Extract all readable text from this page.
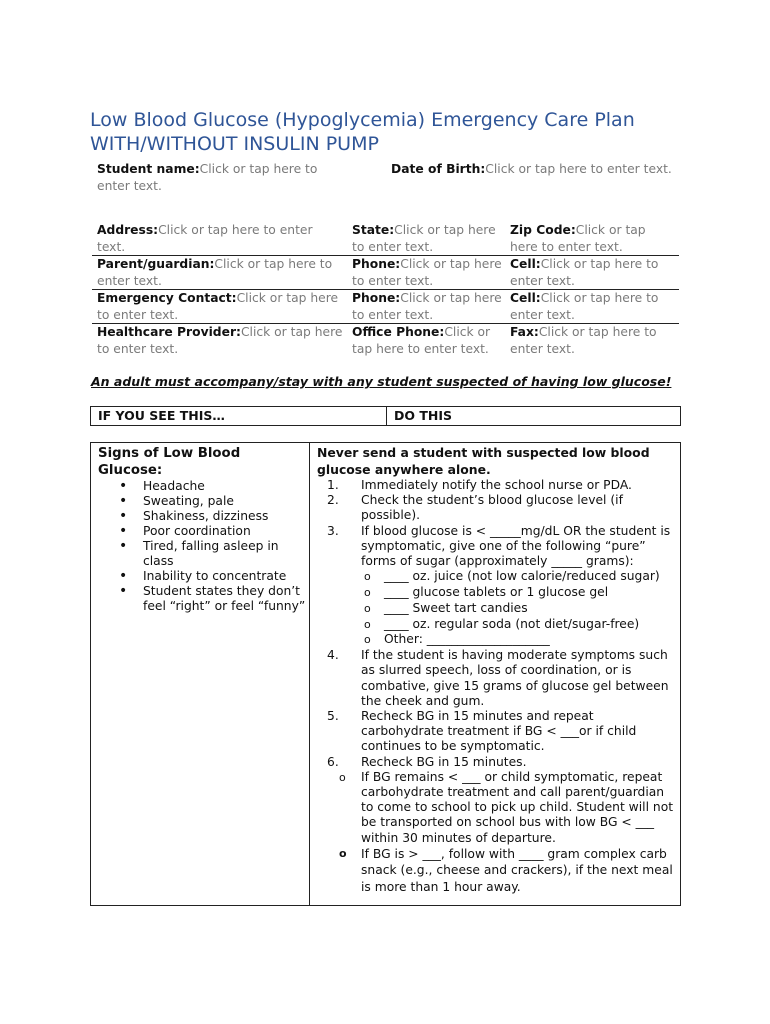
Low Blood Glucose (Hypoglycemia) Emergency Care Plan WITH/WITHOUT INSULIN PUMP
Student name:Click or tap here to enter text.
Date of Birth:Click or tap here to enter text.
Address:Click or tap here to enter text.
State:Click or tap here to enter text.
Zip Code:Click or tap here to enter text.
Parent/guardian:Click or tap here to enter text.
Phone:Click or tap here to enter text.
Cell:Click or tap here to enter text.
Emergency Contact:Click or tap here to enter text.
Phone:Click or tap here to enter text.
Cell:Click or tap here to enter text.
Healthcare Provider:Click or tap here to enter text.
Office Phone:Click or tap here to enter text.
Fax:Click or tap here to enter text.
An adult must accompany/stay with any student suspected of having low glucose!
IF YOU SEE THIS…	DO THIS
Signs of Low Blood Glucose:
• Headache
• Sweating, pale
• Shakiness, dizziness
• Poor coordination
• Tired, falling asleep in class
• Inability to concentrate
• Student states they don’t feel “right” or feel “funny”
Never send a student with suspected low blood glucose anywhere alone.
1. Immediately notify the school nurse or PDA.
2. Check the student’s blood glucose level (if possible).
3. If blood glucose is < _____mg/dL OR the student is symptomatic, give one of the following “pure” forms of sugar (approximately _____ grams):
o ____ oz. juice (not low calorie/reduced sugar)
o ____ glucose tablets or 1 glucose gel
o ____ Sweet tart candies
o ____ oz. regular soda (not diet/sugar-free)
o Other: ____________________
4. If the student is having moderate symptoms such as slurred speech, loss of coordination, or is combative, give 15 grams of glucose gel between the cheek and gum.
5. Recheck BG in 15 minutes and repeat carbohydrate treatment if BG < ___or if child continues to be symptomatic.
6. Recheck BG in 15 minutes.
o If BG remains < ___ or child symptomatic, repeat carbohydrate treatment and call parent/guardian to come to school to pick up child. Student will not be transported on school bus with low BG < ___ within 30 minutes of departure.
o If BG is > ___, follow with ____ gram complex carb snack (e.g., cheese and crackers), if the next meal is more than 1 hour away.
